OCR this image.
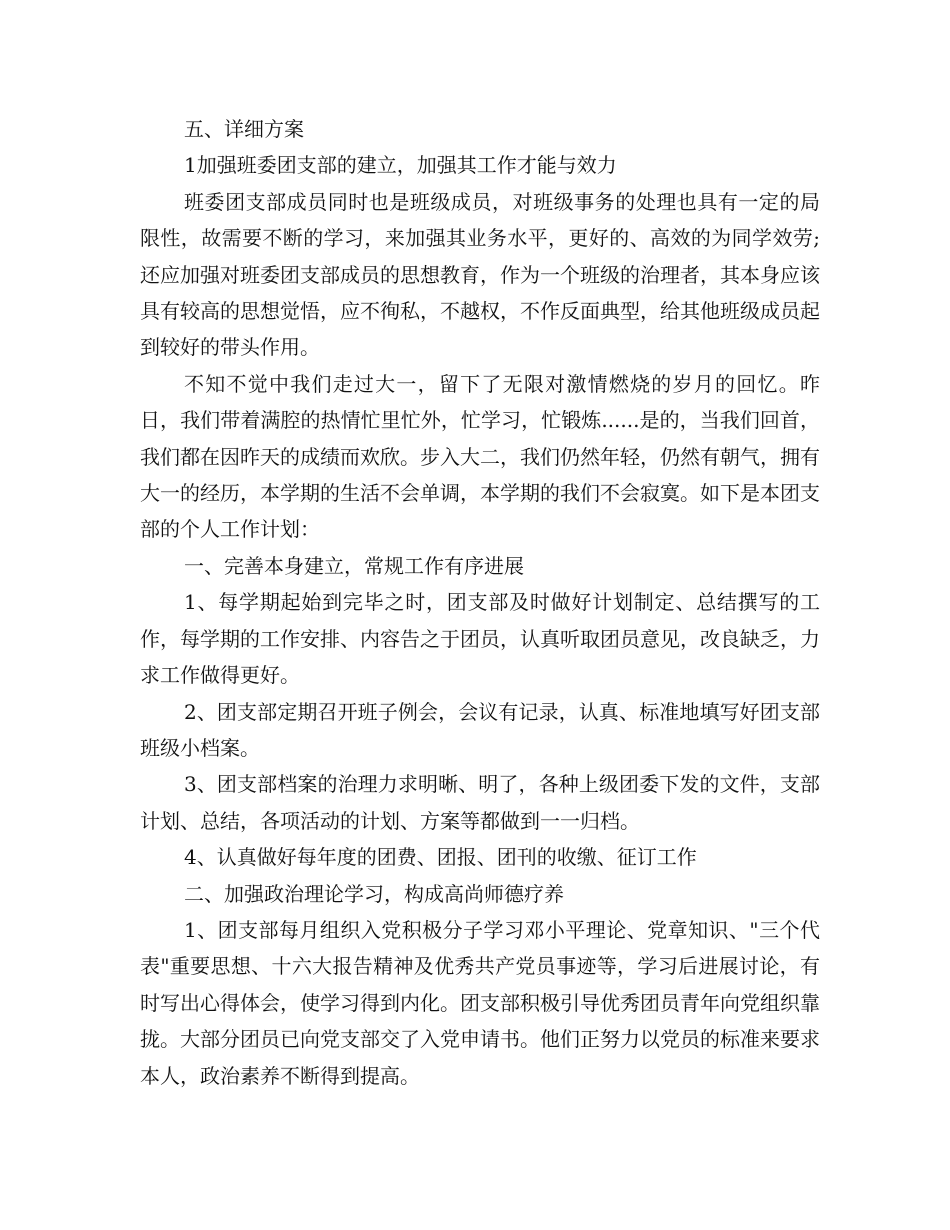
五、详细方案

1加强班委团支部的建立，加强其工作才能与效力

班委团支部成员同时也是班级成员，对班级事务的处理也具有一定的局限性，故需要不断的学习，来加强其业务水平，更好的、高效的为同学效劳;还应加强对班委团支部成员的思想教育，作为一个班级的治理者，其本身应该具有较高的思想觉悟，应不徇私，不越权，不作反面典型，给其他班级成员起到较好的带头作用。

不知不觉中我们走过大一，留下了无限对激情燃烧的岁月的回忆。昨日，我们带着满腔的热情忙里忙外，忙学习，忙锻炼......是的，当我们回首，我们都在因昨天的成绩而欢欣。步入大二，我们仍然年轻，仍然有朝气，拥有大一的经历，本学期的生活不会单调，本学期的我们不会寂寞。如下是本团支部的个人工作计划：

一、完善本身建立，常规工作有序进展

1、每学期起始到完毕之时，团支部及时做好计划制定、总结撰写的工作，每学期的工作安排、内容告之于团员，认真听取团员意见，改良缺乏，力求工作做得更好。

2、团支部定期召开班子例会，会议有记录，认真、标准地填写好团支部班级小档案。

3、团支部档案的治理力求明晰、明了，各种上级团委下发的文件，支部计划、总结，各项活动的计划、方案等都做到一一归档。

4、认真做好每年度的团费、团报、团刊的收缴、征订工作

二、加强政治理论学习，构成高尚师德疗养

1、团支部每月组织入党积极分子学习邓小平理论、党章知识、"三个代表"重要思想、十六大报告精神及优秀共产党员事迹等，学习后进展讨论，有时写出心得体会，使学习得到内化。团支部积极引导优秀团员青年向党组织靠拢。大部分团员已向党支部交了入党申请书。他们正努力以党员的标准来要求本人，政治素养不断得到提高。
